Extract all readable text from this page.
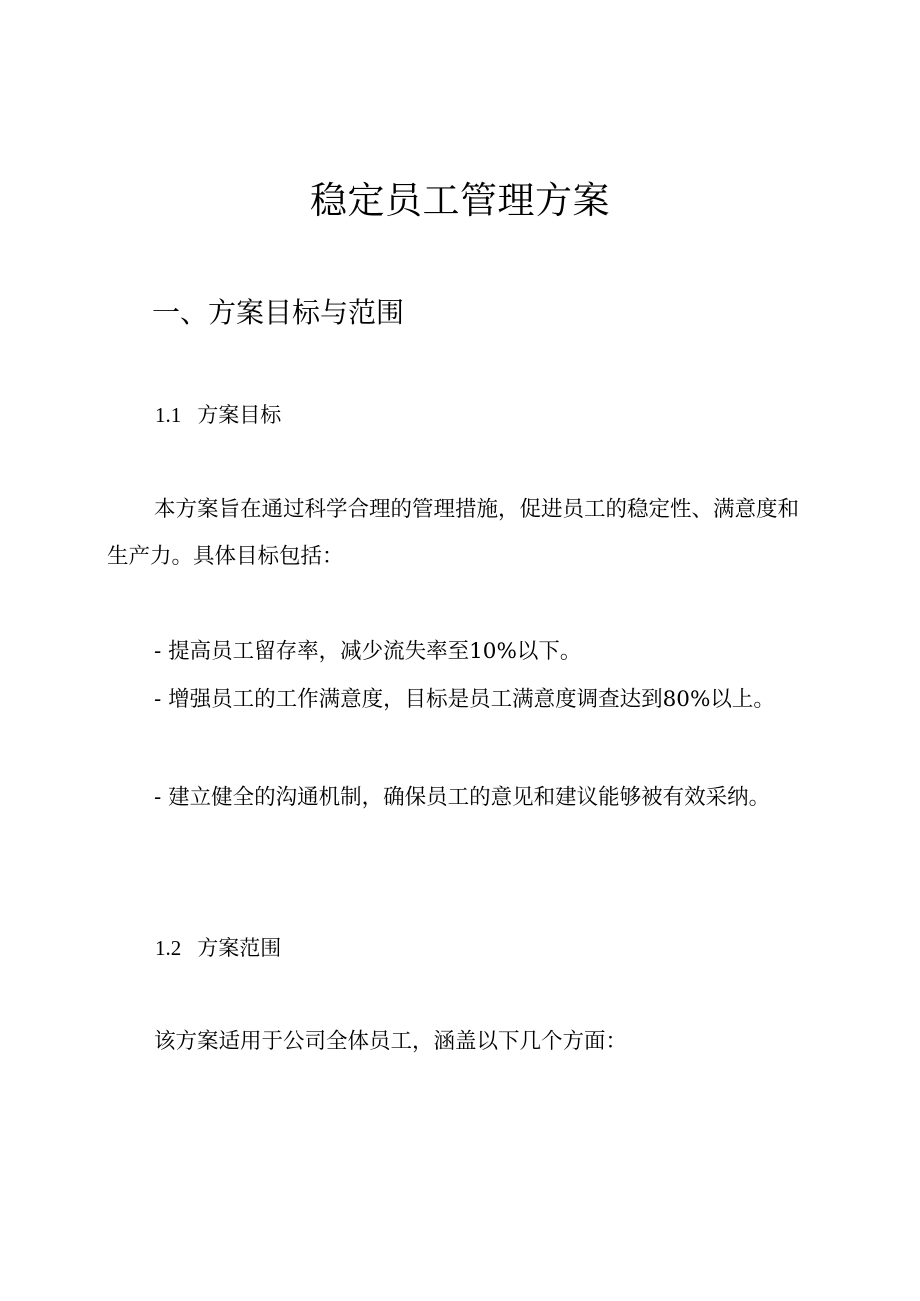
稳定员工管理方案
一、方案目标与范围
1.1 方案目标

本方案旨在通过科学合理的管理措施，促进员工的稳定性、满意度和生产力。具体目标包括：

- 提高员工留存率，减少流失率至10%以下。

- 增强员工的工作满意度，目标是员工满意度调查达到80%以上。

- 建立健全的沟通机制，确保员工的意见和建议能够被有效采纳。

1.2 方案范围

该方案适用于公司全体员工，涵盖以下几个方面：
